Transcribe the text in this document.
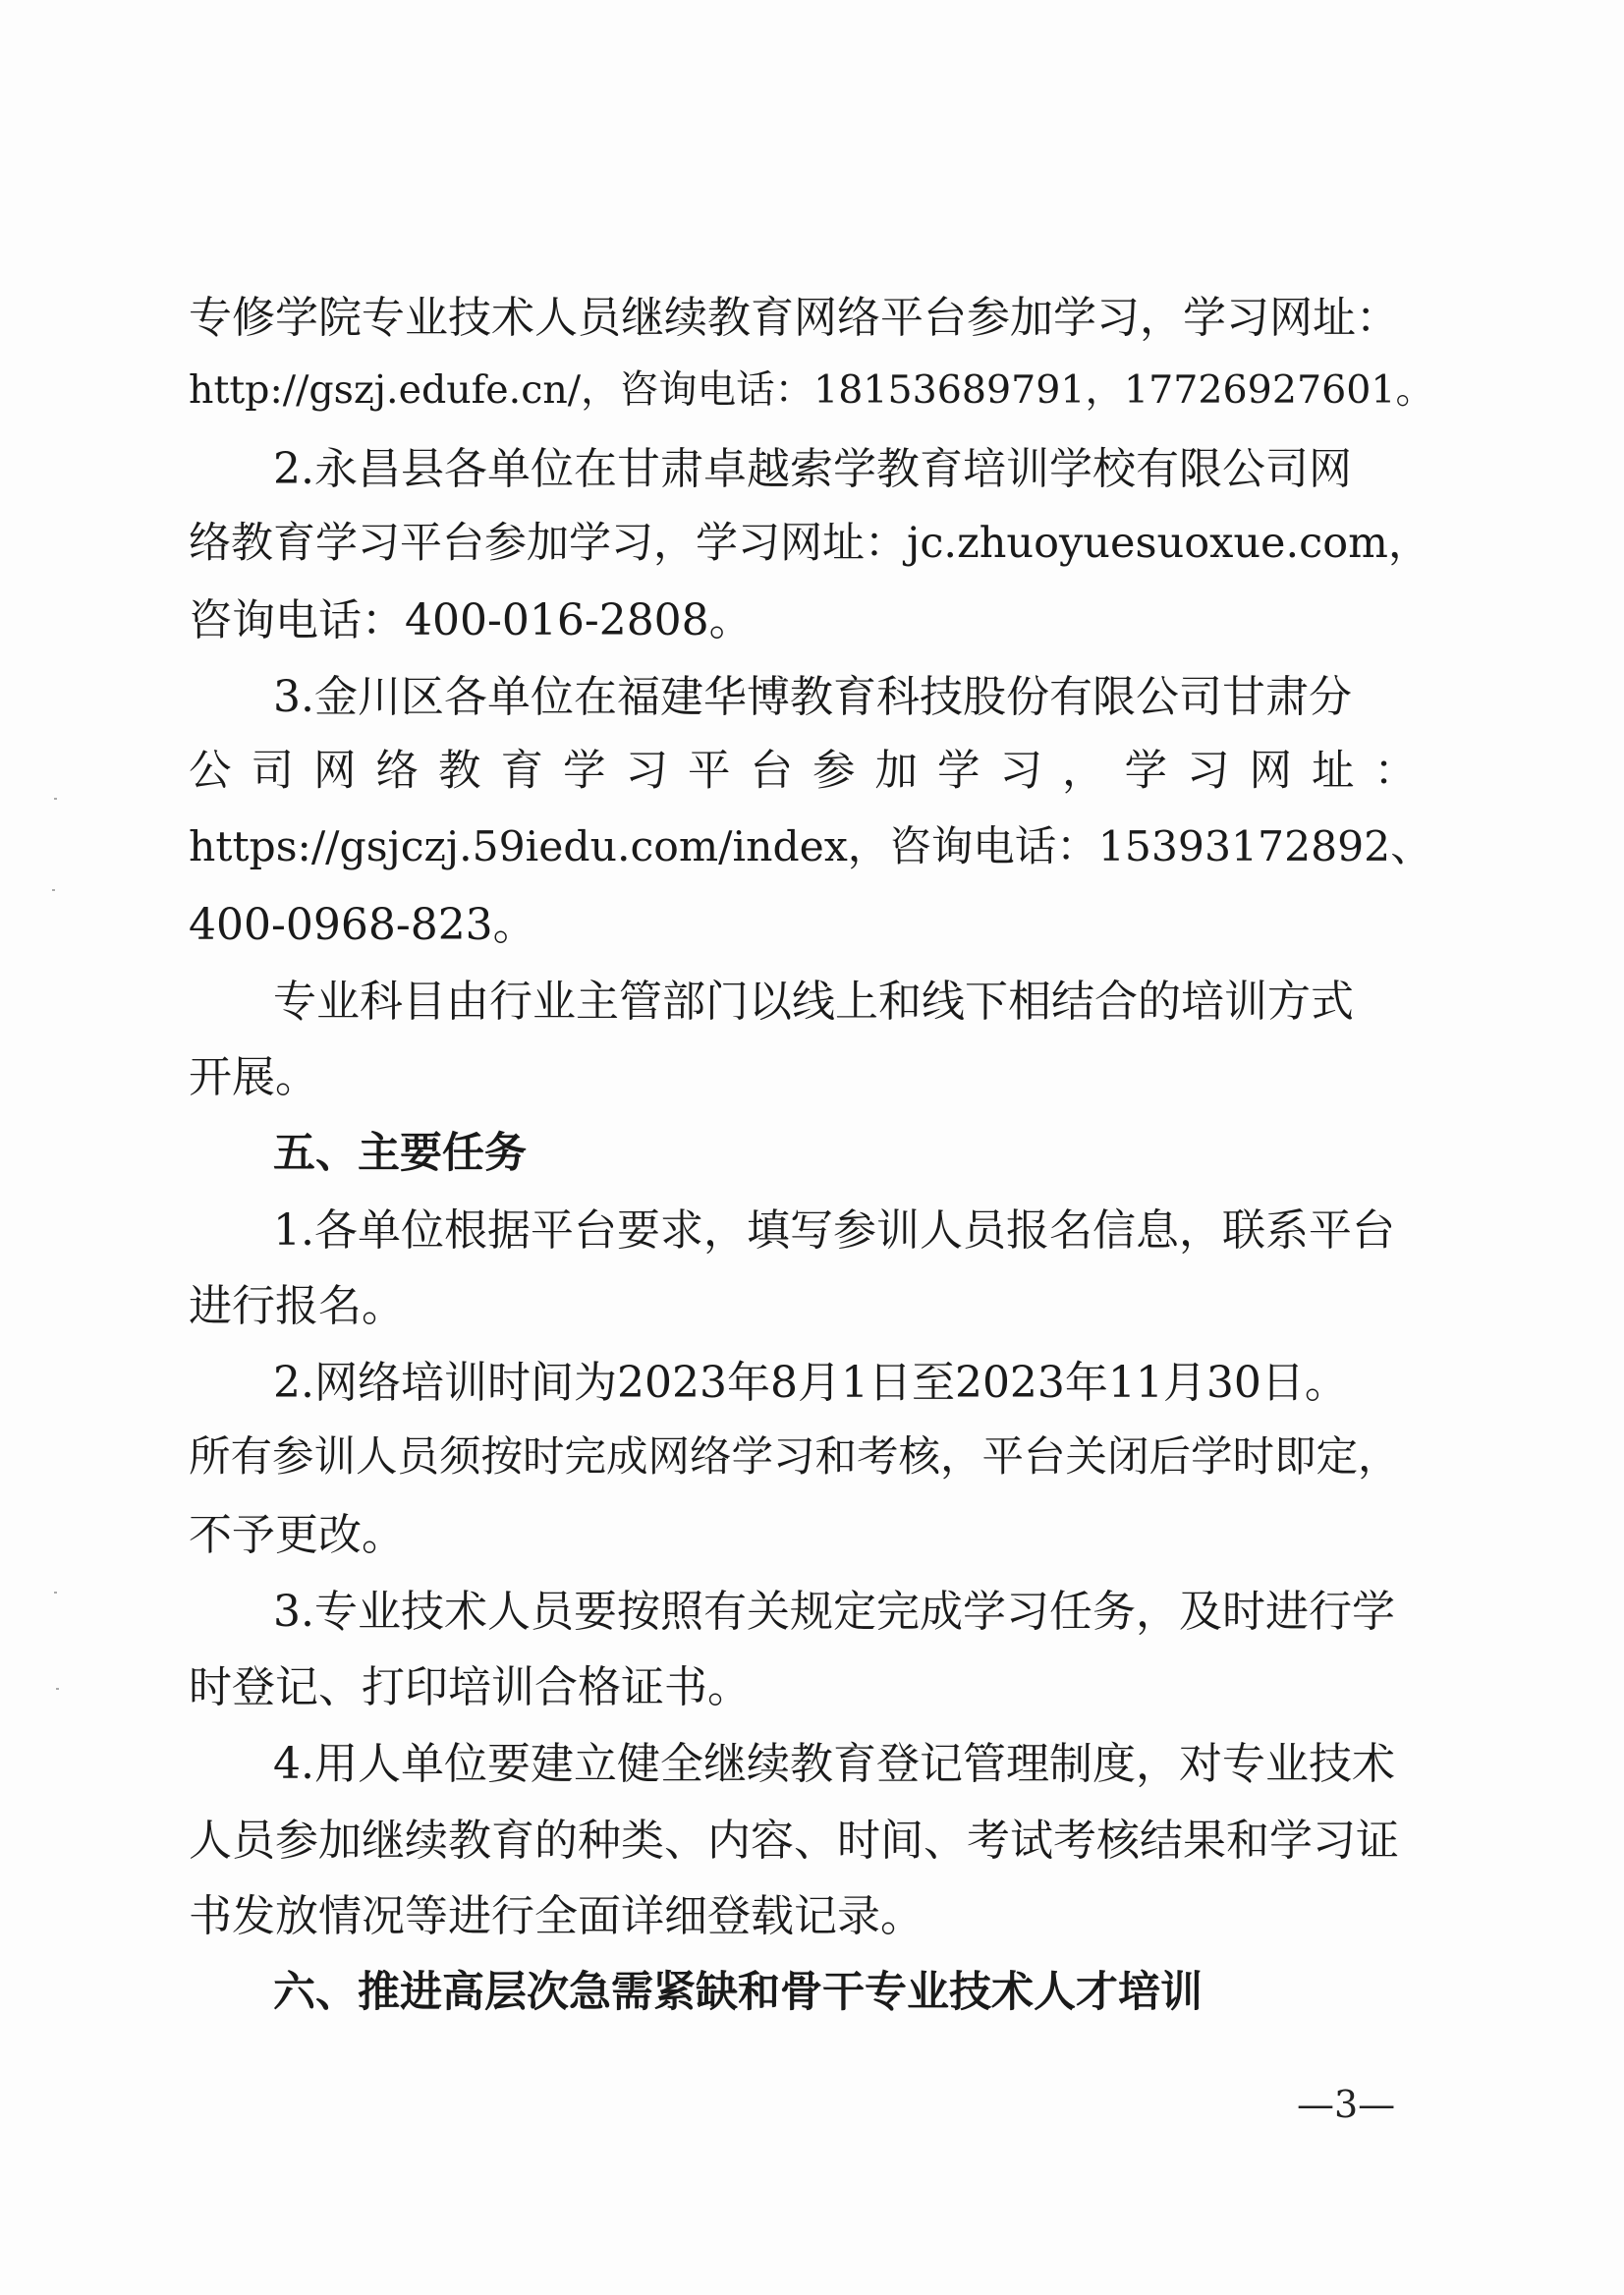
专修学院专业技术人员继续教育网络平台参加学习，学习网址：
http://gszj.edufe.cn/，咨询电话：18153689791，17726927601。
2.永昌县各单位在甘肃卓越索学教育培训学校有限公司网
络教育学习平台参加学习，学习网址：jc.zhuoyuesuoxue.com，
咨询电话：400-016-2808。
3.金川区各单位在福建华博教育科技股份有限公司甘肃分
公司网络教育学习平台参加学习，学习网址：
https://gsjczj.59iedu.com/index，咨询电话：15393172892、
400-0968-823。
专业科目由行业主管部门以线上和线下相结合的培训方式
开展。
五、主要任务
1.各单位根据平台要求，填写参训人员报名信息，联系平台
进行报名。
2.网络培训时间为2023年8月1日至2023年11月30日。
所有参训人员须按时完成网络学习和考核，平台关闭后学时即定，
不予更改。
3.专业技术人员要按照有关规定完成学习任务，及时进行学
时登记、打印培训合格证书。
4.用人单位要建立健全继续教育登记管理制度，对专业技术
人员参加继续教育的种类、内容、时间、考试考核结果和学习证
书发放情况等进行全面详细登载记录。
六、推进高层次急需紧缺和骨干专业技术人才培训
—3—
